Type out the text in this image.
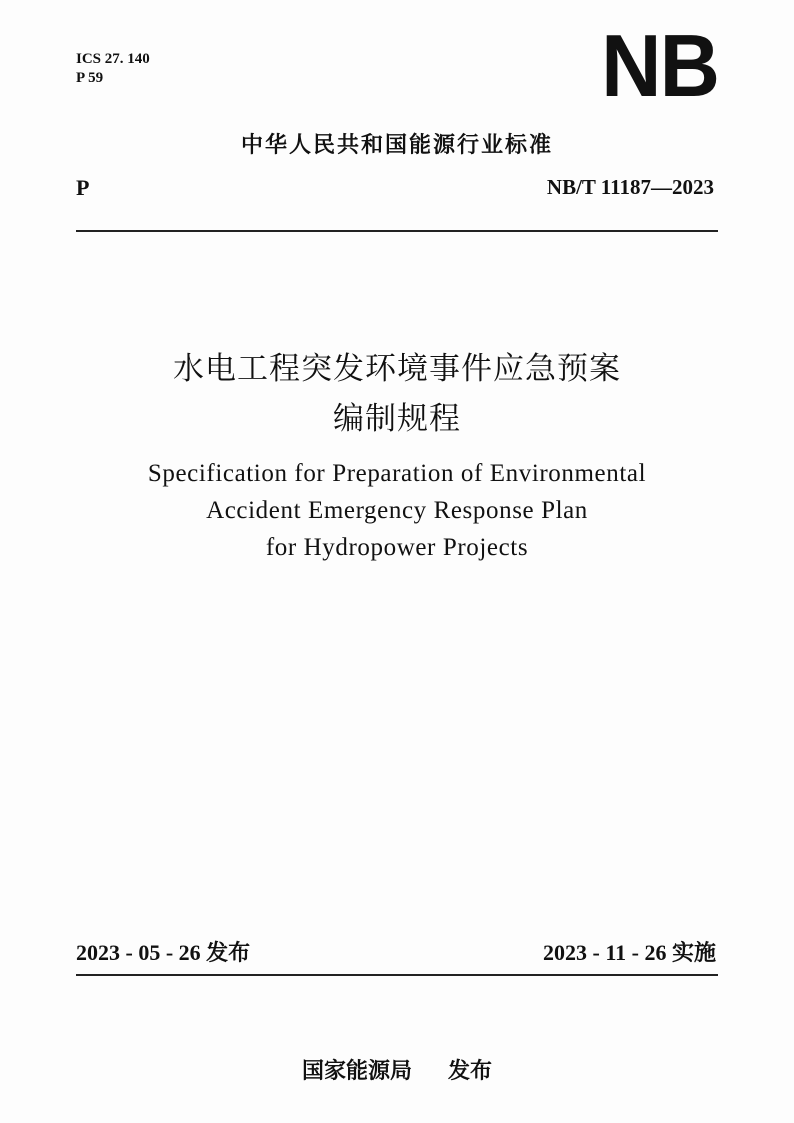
ICS 27. 140
P 59	NB
中华人民共和国能源行业标准
P	NB/T 11187—2023
水电工程突发环境事件应急预案
编制规程
Specification for Preparation of Environmental
Accident Emergency Response Plan
for Hydropower Projects
2023 - 05 - 26 发布	2023 - 11 - 26 实施
国家能源局 发布
